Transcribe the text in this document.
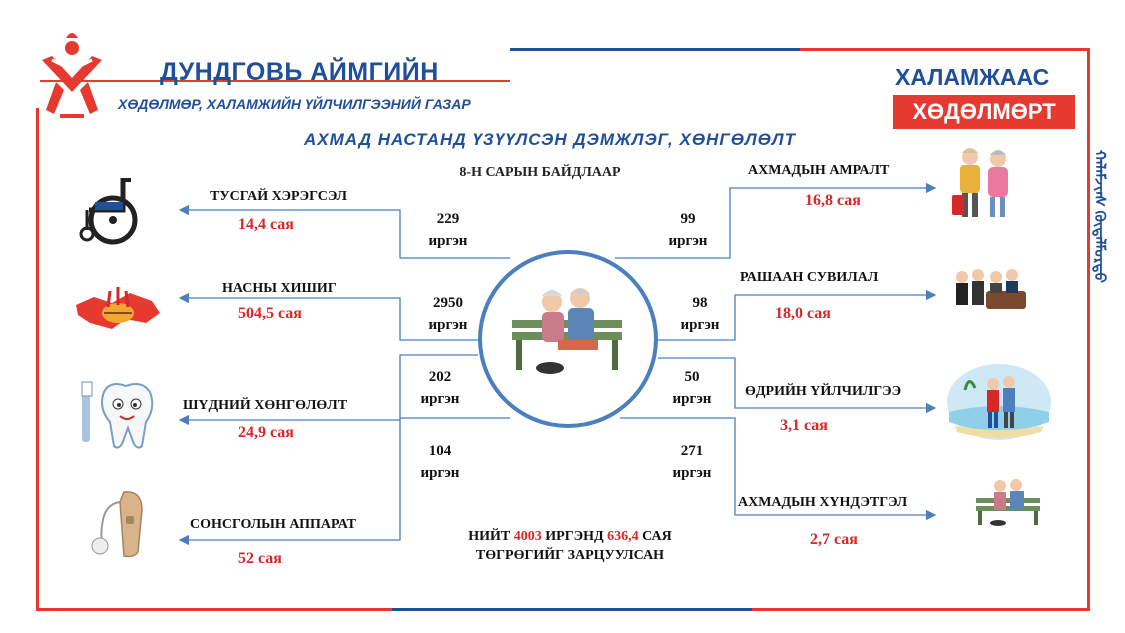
ДУНДГОВЬ АЙМГИЙН
ХӨДӨЛМӨР, ХАЛАМЖИЙН ҮЙЛЧИЛГЭЭНИЙ ГАЗАР
ХАЛАМЖААС
ХӨДӨЛМӨРТ
АХМАД НАСТАНД ҮЗҮҮЛСЭН ДЭМЖЛЭГ, ХӨНГӨЛӨЛТ
8-Н САРЫН БАЙДЛААР	ᠬᠠᠯᠠᠮᠵᠢᠠᠰ ᠬᠥᠳᠡᠯᠮᠥᠷᠲᠦ
ТУСГАЙ ХЭРЭГСЭЛ
14,4 сая	229
иргэн
НАСНЫ ХИШИГ
504,5 сая
2950
иргэн
ШҮДНИЙ ХӨНГӨЛӨЛТ
24,9 сая
202
иргэн
СОНСГОЛЫН АППАРАТ
52 сая
104
иргэн
АХМАДЫН АМРАЛТ
16,8 сая
99
иргэн
РАШААН СУВИЛАЛ
18,0 сая
98
иргэн
ӨДРИЙН ҮЙЛЧИЛГЭЭ
3,1 сая
50
иргэн
АХМАДЫН ХҮНДЭТГЭЛ
2,7 сая
271
иргэн
НИЙТ 4003 ИРГЭНД 636,4 САЯ
ТӨГРӨГИЙГ ЗАРЦУУЛСАН
